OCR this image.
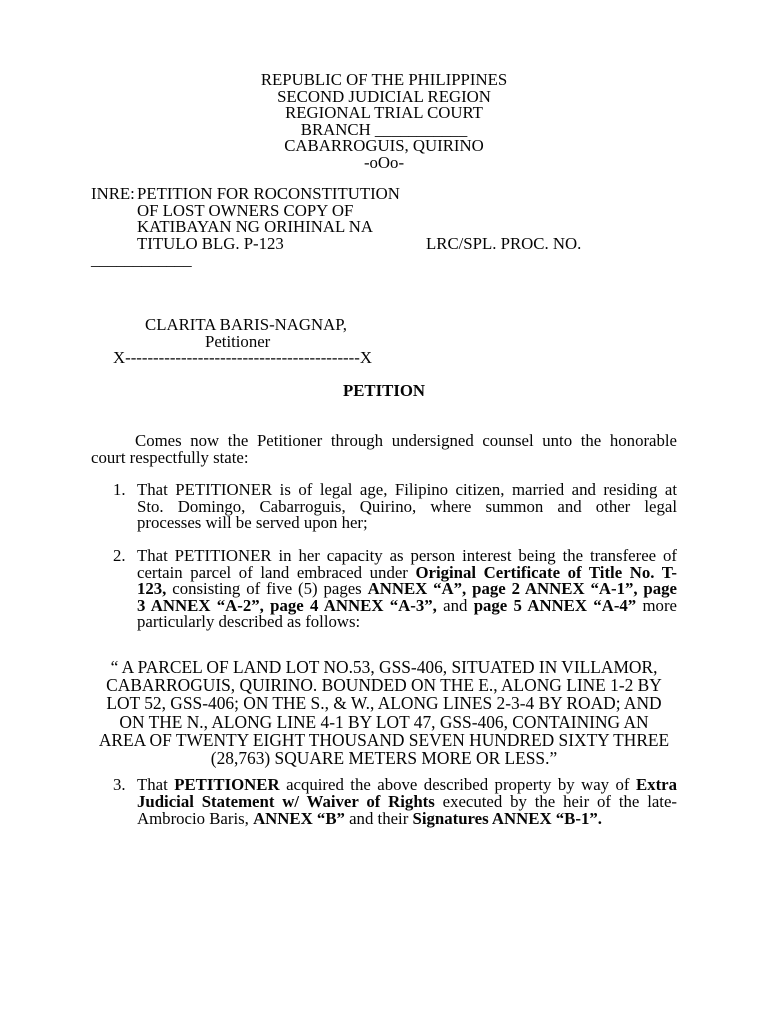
REPUBLIC OF THE PHILIPPINES
SECOND JUDICIAL REGION
REGIONAL TRIAL COURT
BRANCH ___________
CABARROGUIS, QUIRINO
-oOo-
INRE: PETITION FOR ROCONSTITUTION
OF LOST OWNERS COPY OF
KATIBAYAN NG ORIHINAL NA
TITULO BLG. P-123	LRC/SPL. PROC. NO.
____________
CLARITA BARIS-NAGNAP,
Petitioner
X------------------------------------------X
PETITION
Comes now the Petitioner through undersigned counsel unto the honorable
court respectfully state:
1. That PETITIONER is of legal age, Filipino citizen, married and residing at
Sto. Domingo, Cabarroguis, Quirino, where summon and other legal
processes will be served upon her;
2. That PETITIONER in her capacity as person interest being the transferee of
certain parcel of land embraced under Original Certificate of Title No. T-
123, consisting of five (5) pages ANNEX “A”, page 2 ANNEX “A-1”, page
3 ANNEX “A-2”, page 4 ANNEX “A-3”, and page 5 ANNEX “A-4” more
particularly described as follows:
“ A PARCEL OF LAND LOT NO.53, GSS-406, SITUATED IN VILLAMOR,
CABARROGUIS, QUIRINO. BOUNDED ON THE E., ALONG LINE 1-2 BY
LOT 52, GSS-406; ON THE S., & W., ALONG LINES 2-3-4 BY ROAD; AND
ON THE N., ALONG LINE 4-1 BY LOT 47, GSS-406, CONTAINING AN
AREA OF TWENTY EIGHT THOUSAND SEVEN HUNDRED SIXTY THREE
(28,763) SQUARE METERS MORE OR LESS.”
3. That PETITIONER acquired the above described property by way of Extra
Judicial Statement w/ Waiver of Rights executed by the heir of the late-
Ambrocio Baris, ANNEX “B” and their Signatures ANNEX “B-1”.
